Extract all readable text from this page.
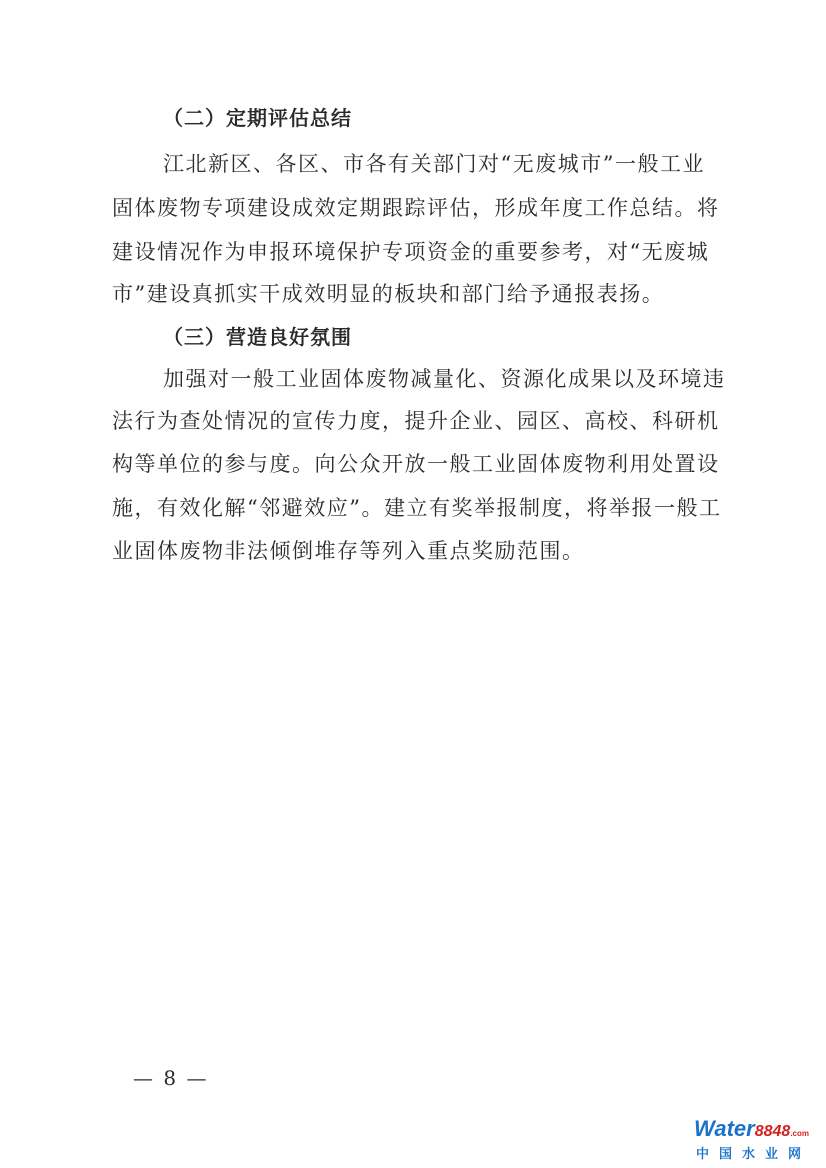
（二）定期评估总结
江北新区、各区、市各有关部门对“无废城市”一般工业
固体废物专项建设成效定期跟踪评估，形成年度工作总结。将
建设情况作为申报环境保护专项资金的重要参考，对“无废城
市”建设真抓实干成效明显的板块和部门给予通报表扬。
（三）营造良好氛围
加强对一般工业固体废物减量化、资源化成果以及环境违
法行为查处情况的宣传力度，提升企业、园区、高校、科研机
构等单位的参与度。向公众开放一般工业固体废物利用处置设
施，有效化解“邻避效应”。建立有奖举报制度，将举报一般工
业固体废物非法倾倒堆存等列入重点奖励范围。
— 8 —
Water8848.com
中国水业网
